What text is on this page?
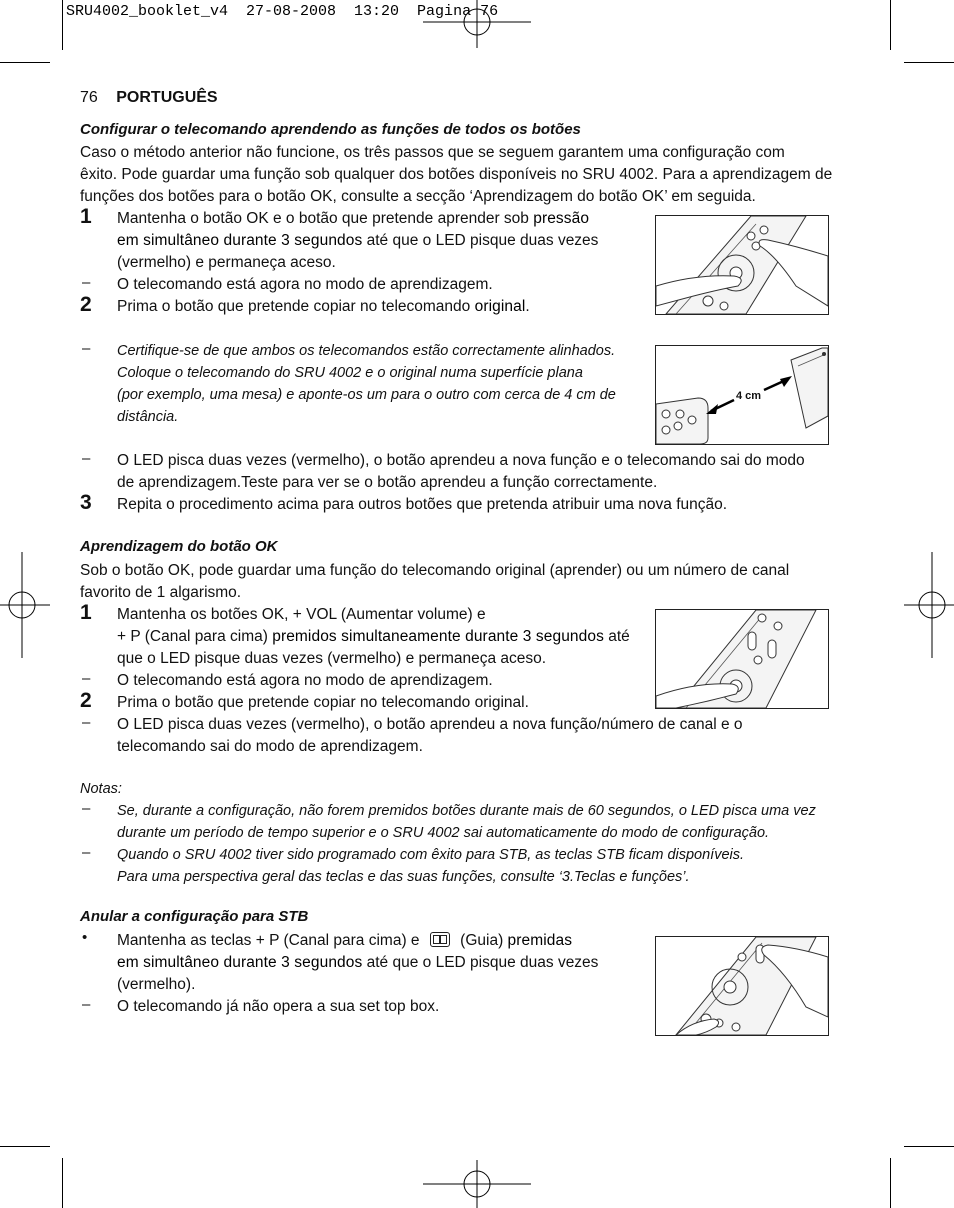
SRU4002_booklet_v4  27-08-2008  13:20  Pagina 76
76 PORTUGUÊS
Configurar o telecomando aprendendo as funções de todos os botões
Caso o método anterior não funcione, os três passos que se seguem garantem uma configuração com
êxito. Pode guardar uma função sob qualquer dos botões disponíveis no SRU 4002. Para a aprendizagem de
funções dos botões para o botão OK, consulte a secção ‘Aprendizagem do botão OK’ em seguida.
1 Mantenha o botão OK e o botão que pretende aprender sob pressão
em simultâneo durante 3 segundos até que o LED pisque duas vezes
(vermelho) e permaneça aceso.
– O telecomando está agora no modo de aprendizagem.
2 Prima o botão que pretende copiar no telecomando original.
– Certifique-se de que ambos os telecomandos estão correctamente alinhados.
Coloque o telecomando do SRU 4002 e o original numa superfície plana
(por exemplo, uma mesa) e aponte-os um para o outro com cerca de 4 cm de
distância.
– O LED pisca duas vezes (vermelho), o botão aprendeu a nova função e o telecomando sai do modo
de aprendizagem.Teste para ver se o botão aprendeu a função correctamente.
3 Repita o procedimento acima para outros botões que pretenda atribuir uma nova função.
4 cm
Aprendizagem do botão OK
Sob o botão OK, pode guardar uma função do telecomando original (aprender) ou um número de canal
favorito de 1 algarismo.
1 Mantenha os botões OK, + VOL (Aumentar volume) e
+ P (Canal para cima) premidos simultaneamente durante 3 segundos até
que o LED pisque duas vezes (vermelho) e permaneça aceso.
– O telecomando está agora no modo de aprendizagem.
2 Prima o botão que pretende copiar no telecomando original.
– O LED pisca duas vezes (vermelho), o botão aprendeu a nova função/número de canal e o
telecomando sai do modo de aprendizagem.
Notas:
– Se, durante a configuração, não forem premidos botões durante mais de 60 segundos, o LED pisca uma vez
durante um período de tempo superior e o SRU 4002 sai automaticamente do modo de configuração.
– Quando o SRU 4002 tiver sido programado com êxito para STB, as teclas STB ficam disponíveis.
Para uma perspectiva geral das teclas e das suas funções, consulte ‘3.Teclas e funções’.
Anular a configuração para STB
• Mantenha as teclas + P (Canal para cima) e  (Guia) premidas
em simultâneo durante 3 segundos até que o LED pisque duas vezes
(vermelho).
– O telecomando já não opera a sua set top box.
